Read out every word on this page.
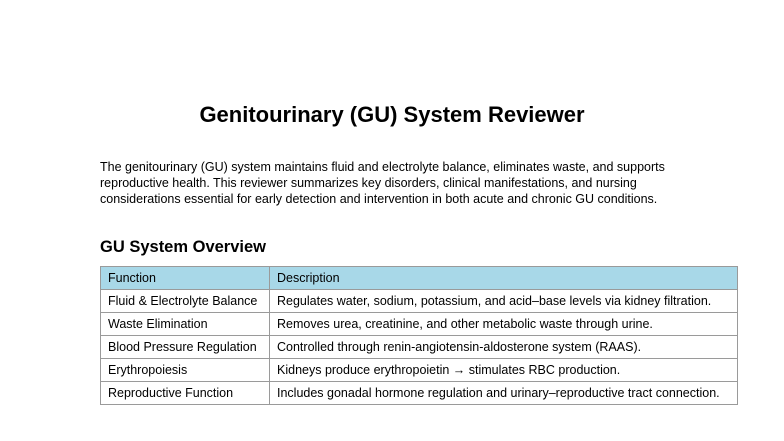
Genitourinary (GU) System Reviewer

The genitourinary (GU) system maintains fluid and electrolyte balance, eliminates waste, and supports reproductive health. This reviewer summarizes key disorders, clinical manifestations, and nursing considerations essential for early detection and intervention in both acute and chronic GU conditions.

GU System Overview
Function	Description
Fluid & Electrolyte Balance	Regulates water, sodium, potassium, and acid–base levels via kidney filtration.
Waste Elimination	Removes urea, creatinine, and other metabolic waste through urine.
Blood Pressure Regulation	Controlled through renin-angiotensin-aldosterone system (RAAS).
Erythropoiesis	Kidneys produce erythropoietin → stimulates RBC production.
Reproductive Function	Includes gonadal hormone regulation and urinary–reproductive tract connection.
